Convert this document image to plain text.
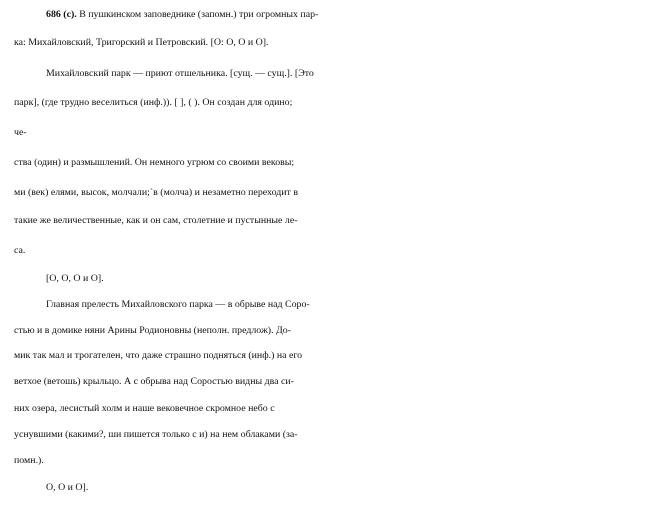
686 (с). В пушкинском заповеднике (запомн.) три огромных пар-
ка: Михайловский, Тригорский и Петровский. [О: О, О и О].
Михайловский парк — приют отшельника. [сущ. — сущ.]. [Это
парк], (где трудно веселиться (инф.)). [ ], ( ). Он создан для одино;
че-
ства (один) и размышлений. Он немного угрюм со своими вековы;
ми (век) елями, высок, молчали;`в (молча) и незаметно переходит в
такие же величественные, как и он сам, столетние и пустынные ле-
са.
[О, О, О и О].
Главная прелесть Михайловского парка — в обрыве над Соро-
стью и в домике няни Арины Родионовны (неполн. предлож). До-
мик так мал и трогателен, что даже страшно подняться (инф.) на его
ветхое (ветошь) крыльцо. А с обрыва над Соростью видны два си-
них озера, лесистый холм и наше вековечное скромное небо с
уснувшими (какими?, ши пишется только с и) на нем облаками (за-
помн.).
О, О и О].
